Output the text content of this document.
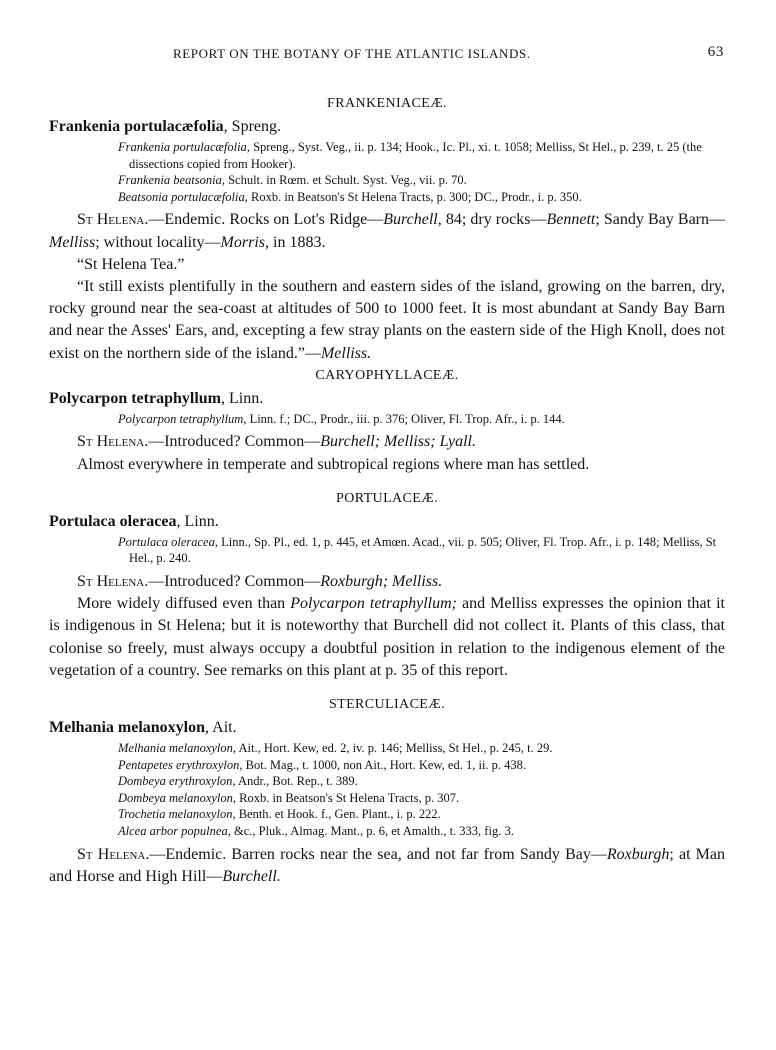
REPORT ON THE BOTANY OF THE ATLANTIC ISLANDS.	63
FRANKENIACEÆ.
Frankenia portulacæfolia, Spreng.
Frankenia portulacæfolia, Spreng., Syst. Veg., ii. p. 134; Hook., Ic. Pl., xi. t. 1058; Melliss, St Hel., p. 239, t. 25 (the dissections copied from Hooker).
Frankenia beatsonia, Schult. in Rœm. et Schult. Syst. Veg., vii. p. 70.
Beatsonia portulacæfolia, Roxb. in Beatson's St Helena Tracts, p. 300; DC., Prodr., i. p. 350.

St Helena.—Endemic. Rocks on Lot's Ridge—Burchell, 84; dry rocks—Bennett; Sandy Bay Barn—Melliss; without locality—Morris, in 1883.

“St Helena Tea.”

“It still exists plentifully in the southern and eastern sides of the island, growing on the barren, dry, rocky ground near the sea-coast at altitudes of 500 to 1000 feet. It is most abundant at Sandy Bay Barn and near the Asses' Ears, and, excepting a few stray plants on the eastern side of the High Knoll, does not exist on the northern side of the island.”—Melliss.

CARYOPHYLLACEÆ.
Polycarpon tetraphyllum, Linn.
Polycarpon tetraphyllum, Linn. f.; DC., Prodr., iii. p. 376; Oliver, Fl. Trop. Afr., i. p. 144.

St Helena.—Introduced? Common—Burchell; Melliss; Lyall.

Almost everywhere in temperate and subtropical regions where man has settled.

PORTULACEÆ.
Portulaca oleracea, Linn.
Portulaca oleracea, Linn., Sp. Pl., ed. 1, p. 445, et Amœn. Acad., vii. p. 505; Oliver, Fl. Trop. Afr., i. p. 148; Melliss, St Hel., p. 240.

St Helena.—Introduced? Common—Roxburgh; Melliss.

More widely diffused even than Polycarpon tetraphyllum; and Melliss expresses the opinion that it is indigenous in St Helena; but it is noteworthy that Burchell did not collect it. Plants of this class, that colonise so freely, must always occupy a doubtful position in relation to the indigenous element of the vegetation of a country. See remarks on this plant at p. 35 of this report.

STERCULIACEÆ.
Melhania melanoxylon, Ait.
Melhania melanoxylon, Ait., Hort. Kew, ed. 2, iv. p. 146; Melliss, St Hel., p. 245, t. 29.
Pentapetes erythroxylon, Bot. Mag., t. 1000, non Ait., Hort. Kew, ed. 1, ii. p. 438.
Dombeya erythroxylon, Andr., Bot. Rep., t. 389.
Dombeya melanoxylon, Roxb. in Beatson's St Helena Tracts, p. 307.
Trochetia melanoxylon, Benth. et Hook. f., Gen. Plant., i. p. 222.
Alcea arbor populnea, &c., Pluk., Almag. Mant., p. 6, et Amalth., t. 333, fig. 3.

St Helena.—Endemic. Barren rocks near the sea, and not far from Sandy Bay—Roxburgh; at Man and Horse and High Hill—Burchell.
